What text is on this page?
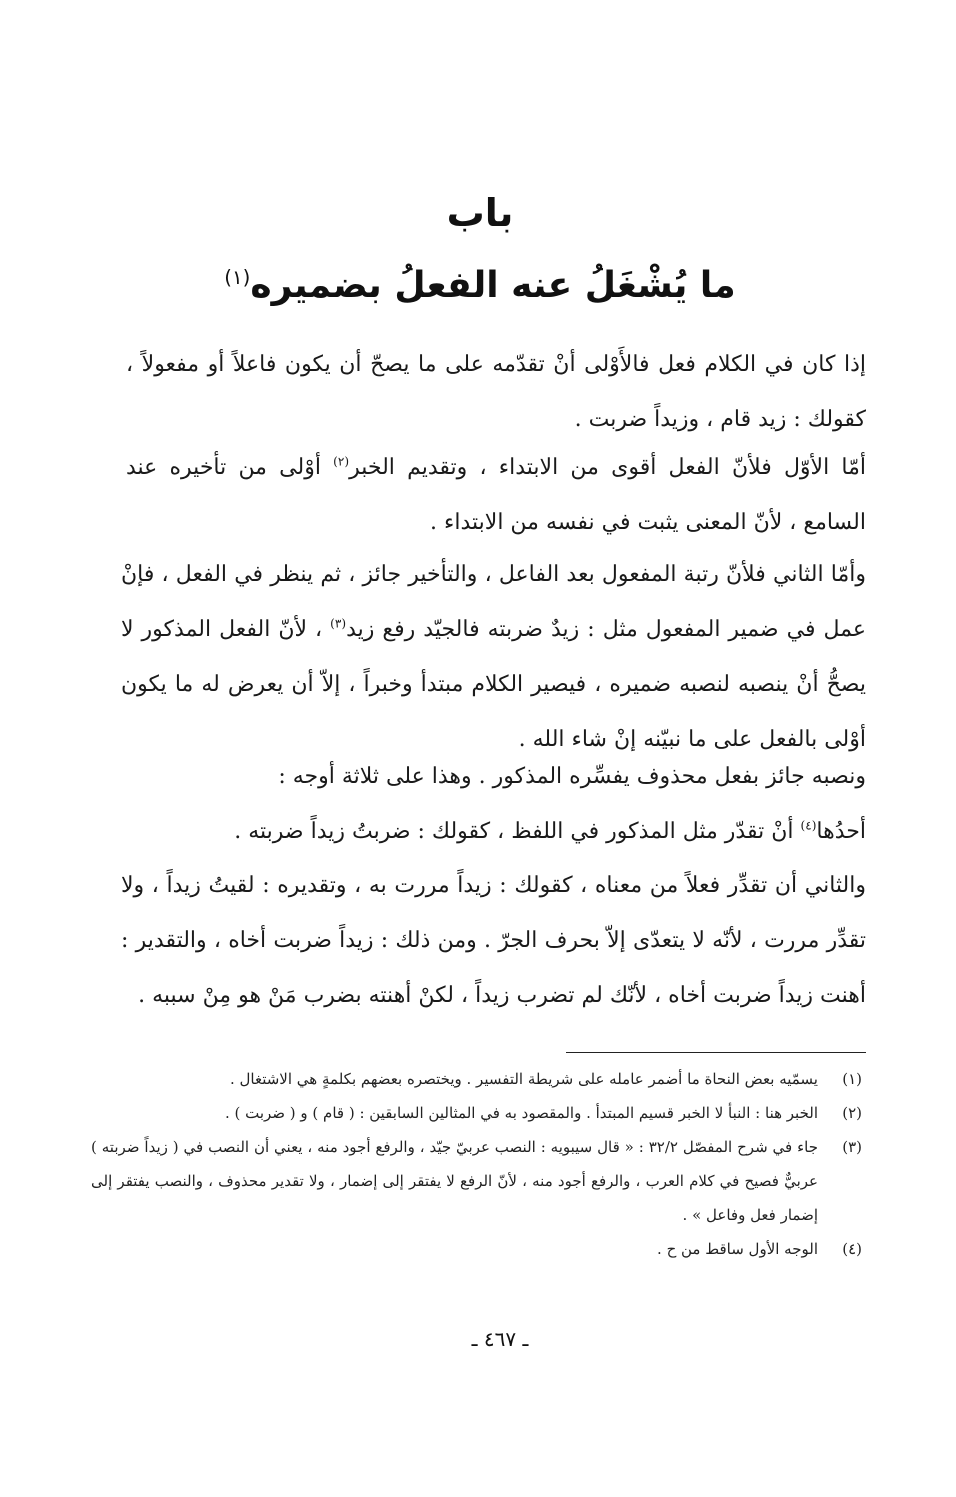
باب
ما يُشْغَلُ عنه الفعلُ بضميره$^{(١)}$

إذا كان في الكلام فعل فالأَوْلى أنْ تقدّمه على ما يصحّ أن يكون فاعلاً أو مفعولاً ، كقولك : زيد قام ، وزيداً ضربت .

أمّا الأوّل فلأنّ الفعل أقوى من الابتداء ، وتقديم الخبر$^{(٢)}$ أوْلى من تأخيره عند السامع ، لأنّ المعنى يثبت في نفسه من الابتداء .

وأمّا الثاني فلأنّ رتبة المفعول بعد الفاعل ، والتأخير جائز ، ثم ينظر في الفعل ، فإنْ عمل في ضمير المفعول مثل : زيدٌ ضربته فالجيّد رفع زيد$^{(٣)}$ ، لأنّ الفعل المذكور لا يصحُّ أنْ ينصبه لنصبه ضميره ، فيصير الكلام مبتدأ وخبراً ، إلاّ أن يعرض له ما يكون أوْلى بالفعل على ما نبيّنه إنْ شاء الله .

ونصبه جائز بفعل محذوف يفسِّره المذكور . وهذا على ثلاثة أوجه :

أحدُها$^{(٤)}$ أنْ تقدّر مثل المذكور في اللفظ ، كقولك : ضربتُ زيداً ضربته .

والثاني أن تقدِّر فعلاً من معناه ، كقولك : زيداً مررت به ، وتقديره : لقيتُ زيداً ، ولا تقدِّر مررت ، لأنّه لا يتعدّى إلاّ بحرف الجرّ . ومن ذلك : زيداً ضربت أخاه ، والتقدير : أهنت زيداً ضربت أخاه ، لأنّك لم تضرب زيداً ، لكنْ أهنته بضرب مَنْ هو مِنْ سببه .

(١)
يسمّيه بعض النحاة ما أضمر عامله على شريطة التفسير . ويختصره بعضهم بكلمةٍ هي الاشتغال .
(٢)
الخبر هنا : النبأ لا الخبر قسيم المبتدأ . والمقصود به في المثالين السابقين : ( قام ) و ( ضربت ) .
(٣)
جاء في شرح المفصّل ٣٢/٢ : « قال سيبويه : النصب عربيّ جيّد ، والرفع أجود منه ، يعني أن النصب في ( زيداً ضربته ) عربيٌّ فصيح في كلام العرب ، والرفع أجود منه ، لأنّ الرفع لا يفتقر إلى إضمار ، ولا تقدير محذوف ، والنصب يفتقر إلى إضمار فعل وفاعل » .
(٤)
الوجه الأول ساقط من ح .
ـ ٤٦٧ ـ
